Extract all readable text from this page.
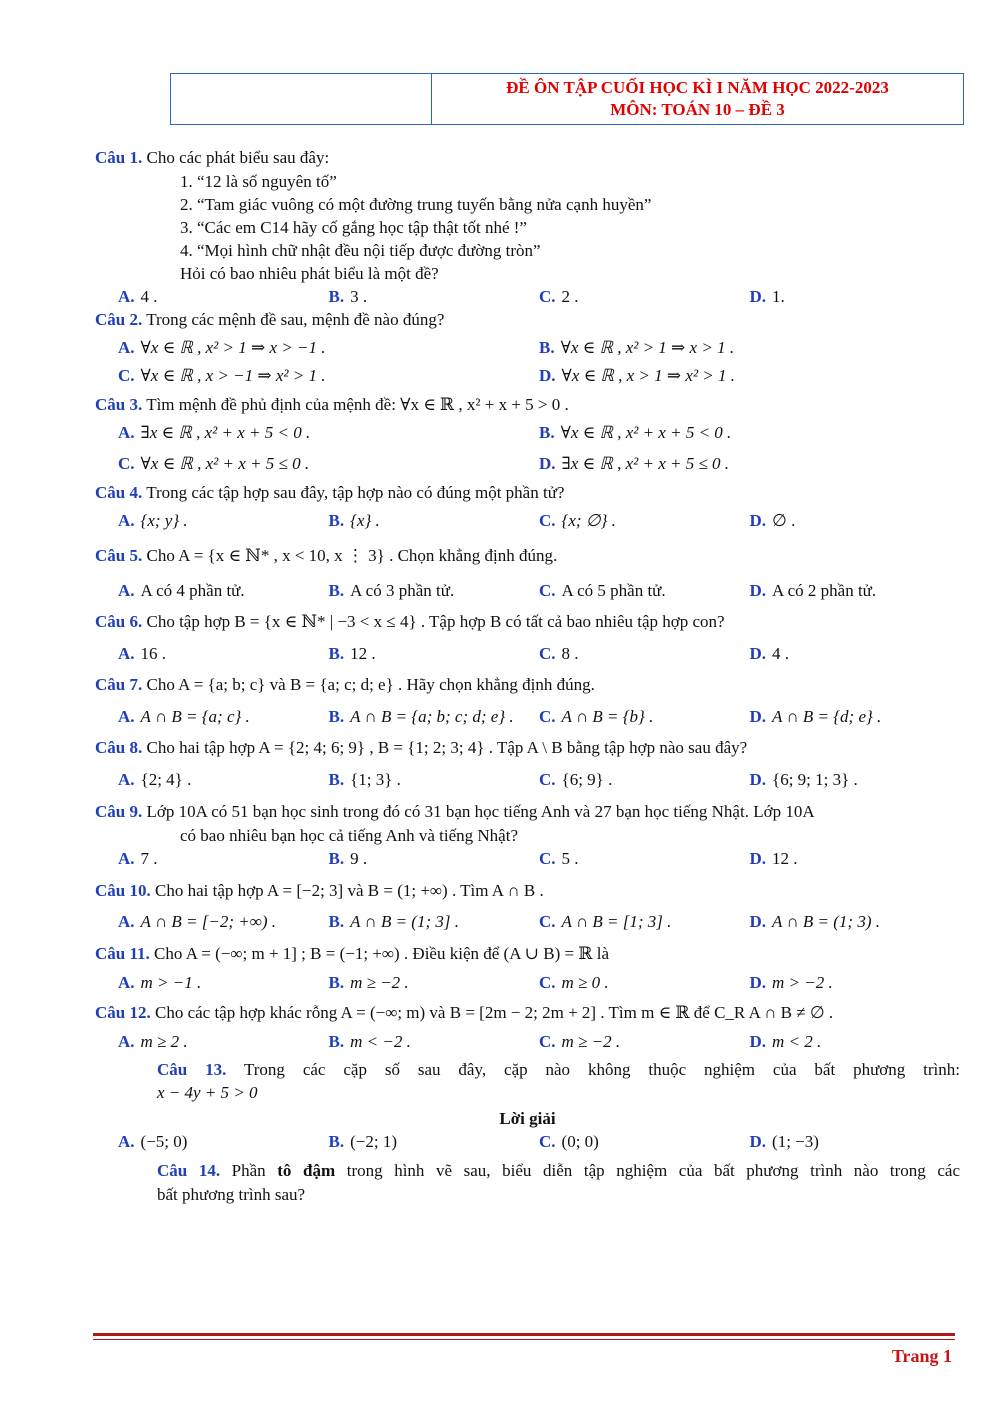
ĐỀ ÔN TẬP CUỐI HỌC KÌ I NĂM HỌC 2022-2023
MÔN: TOÁN 10 – ĐỀ 3

Câu 1. Cho các phát biểu sau đây:

1. “12 là số nguyên tố”
2. “Tam giác vuông có một đường trung tuyến bằng nửa cạnh huyền”
3. “Các em C14 hãy cố gắng học tập thật tốt nhé !”
4. “Mọi hình chữ nhật đều nội tiếp được đường tròn”
Hỏi có bao nhiêu phát biểu là một đề?
A. 4 .	B. 3 .	C. 2 .	D. 1.

Câu 2. Trong các mệnh đề sau, mệnh đề nào đúng?

A. ∀x ∈ ℝ , x² > 1 ⇒ x > −1 .	B. ∀x ∈ ℝ , x² > 1 ⇒ x > 1 .
C. ∀x ∈ ℝ , x > −1 ⇒ x² > 1 .	D. ∀x ∈ ℝ , x > 1 ⇒ x² > 1 .

Câu 3. Tìm mệnh đề phủ định của mệnh đề: ∀x ∈ ℝ , x² + x + 5 > 0 .

A. ∃x ∈ ℝ , x² + x + 5 < 0 .	B. ∀x ∈ ℝ , x² + x + 5 < 0 .
C. ∀x ∈ ℝ , x² + x + 5 ≤ 0 .	D. ∃x ∈ ℝ , x² + x + 5 ≤ 0 .

Câu 4. Trong các tập hợp sau đây, tập hợp nào có đúng một phần tử?

A. {x; y} .	B. {x} .	C. {x; ∅} .	D. ∅ .

Câu 5. Cho A = {x ∈ ℕ* , x < 10, x ⋮ 3} . Chọn khẳng định đúng.

A. A có 4 phần tử.	B. A có 3 phần tử.	C. A có 5 phần tử.	D. A có 2 phần tử.

Câu 6. Cho tập hợp B = {x ∈ ℕ* | −3 < x ≤ 4} . Tập hợp B có tất cả bao nhiêu tập hợp con?

A. 16 .	B. 12 .	C. 8 .	D. 4 .

Câu 7. Cho A = {a; b; c} và B = {a; c; d; e} . Hãy chọn khẳng định đúng.

A. A ∩ B = {a; c} .	B. A ∩ B = {a; b; c; d; e} .	C. A ∩ B = {b} .	D. A ∩ B = {d; e} .

Câu 8. Cho hai tập hợp A = {2; 4; 6; 9} , B = {1; 2; 3; 4} . Tập A \ B bằng tập hợp nào sau đây?

A. {2; 4} .	B. {1; 3} .	C. {6; 9} .	D. {6; 9; 1; 3} .

Câu 9. Lớp 10A có 51 bạn học sinh trong đó có 31 bạn học tiếng Anh và 27 bạn học tiếng Nhật. Lớp 10A

có bao nhiêu bạn học cả tiếng Anh và tiếng Nhật?

A. 7 .	B. 9 .	C. 5 .	D. 12 .

Câu 10. Cho hai tập hợp A = [−2; 3] và B = (1; +∞) . Tìm A ∩ B .

A. A ∩ B = [−2; +∞) .	B. A ∩ B = (1; 3] .	C. A ∩ B = [1; 3] .	D. A ∩ B = (1; 3) .

Câu 11. Cho A = (−∞; m + 1] ; B = (−1; +∞) . Điều kiện để (A ∪ B) = ℝ là

A. m > −1 .	B. m ≥ −2 .	C. m ≥ 0 .	D. m > −2 .

Câu 12. Cho các tập hợp khác rỗng A = (−∞; m) và B = [2m − 2; 2m + 2] . Tìm m ∈ ℝ để C_R A ∩ B ≠ ∅ .

A. m ≥ 2 .	B. m < −2 .	C. m ≥ −2 .	D. m < 2 .

Câu 13. Trong các cặp số sau đây, cặp nào không thuộc nghiệm của bất phương trình:

x − 4y + 5 > 0

Lời giải
A. (−5; 0)	B. (−2; 1)	C. (0; 0)	D. (1; −3)

Câu 14. Phần tô đậm trong hình vẽ sau, biểu diễn tập nghiệm của bất phương trình nào trong các

bất phương trình sau?

Trang 1
